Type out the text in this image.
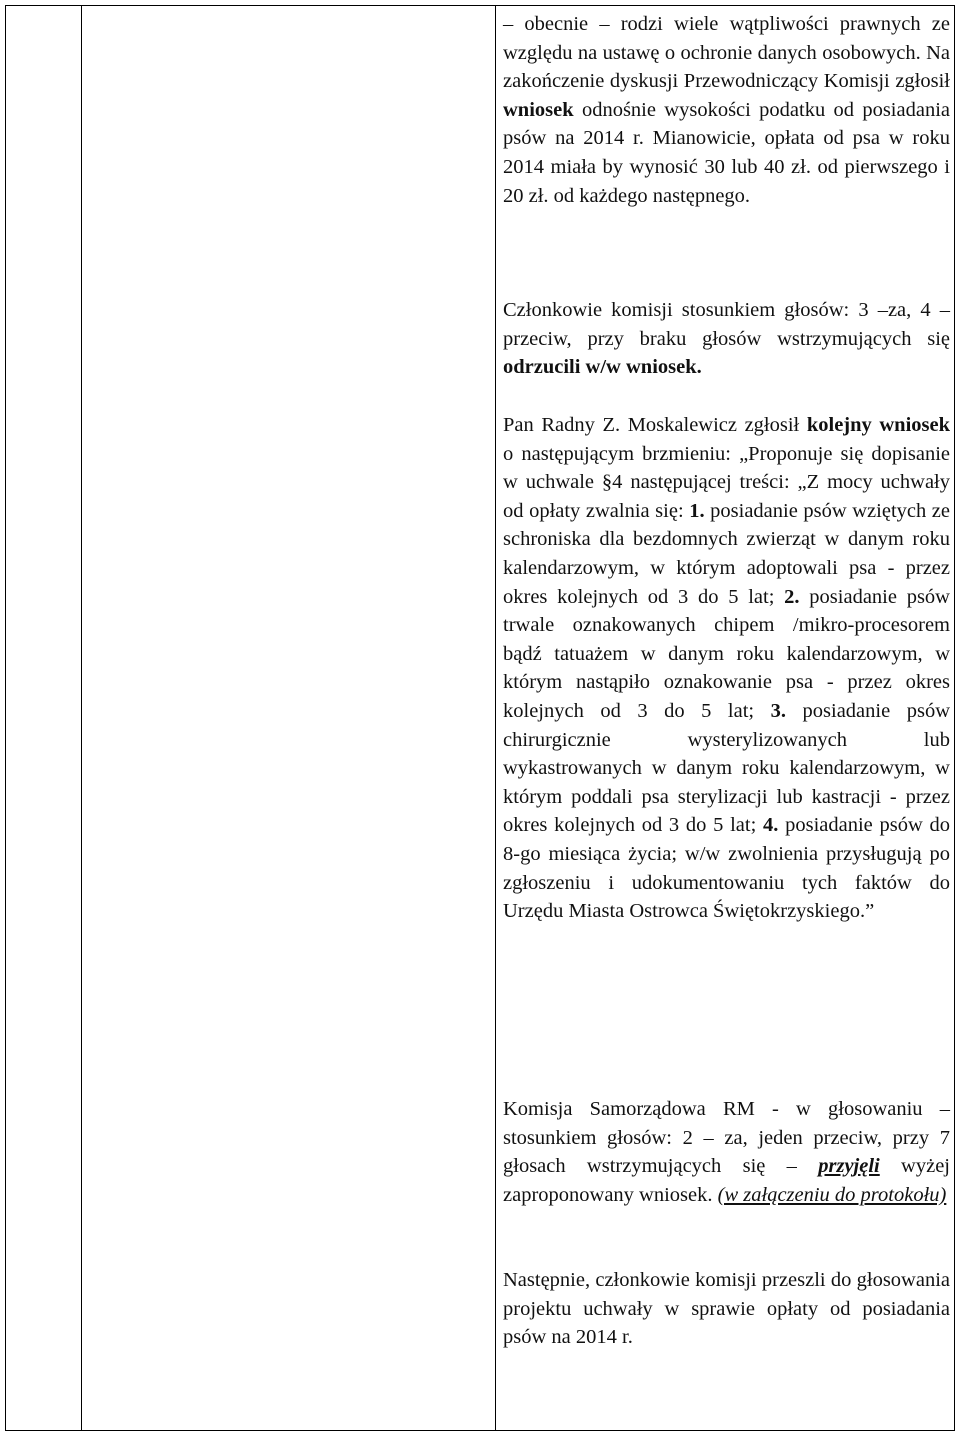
– obecnie – rodzi wiele wątpliwości prawnych ze względu na ustawę o ochronie danych osobowych. Na zakończenie dyskusji Przewodniczący Komisji zgłosił wniosek odnośnie wysokości podatku od posiadania psów na 2014 r. Mianowicie, opłata od psa w roku 2014 miała by wynosić 30 lub 40 zł. od pierwszego i 20 zł. od każdego następnego.

Członkowie komisji stosunkiem głosów: 3 –za, 4 – przeciw, przy braku głosów wstrzymujących się odrzucili w/w wniosek.

Pan Radny Z. Moskalewicz zgłosił kolejny wniosek o następującym brzmieniu: „Proponuje się dopisanie w uchwale §4 następującej treści: „Z mocy uchwały od opłaty zwalnia się: 1. posiadanie psów wziętych ze schroniska dla bezdomnych zwierząt w danym roku kalendarzowym, w którym adoptowali psa - przez okres kolejnych od 3 do 5 lat; 2. posiadanie psów trwale oznakowanych chipem /mikro-procesorem bądź tatuażem w danym roku kalendarzowym, w którym nastąpiło oznakowanie psa - przez okres kolejnych od 3 do 5 lat; 3. posiadanie psów chirurgicznie wysterylizowanych lub wykastrowanych w danym roku kalendarzowym, w którym poddali psa sterylizacji lub kastracji - przez okres kolejnych od 3 do 5 lat; 4. posiadanie psów do 8-go miesiąca życia; w/w zwolnienia przysługują po zgłoszeniu i udokumentowaniu tych faktów do Urzędu Miasta Ostrowca Świętokrzyskiego.”

Komisja Samorządowa RM - w głosowaniu – stosunkiem głosów: 2 – za, jeden przeciw, przy 7 głosach wstrzymujących się – przyjęli wyżej zaproponowany wniosek. (w załączeniu do protokołu)

Następnie, członkowie komisji przeszli do głosowania projektu uchwały w sprawie opłaty od posiadania psów na 2014 r.
